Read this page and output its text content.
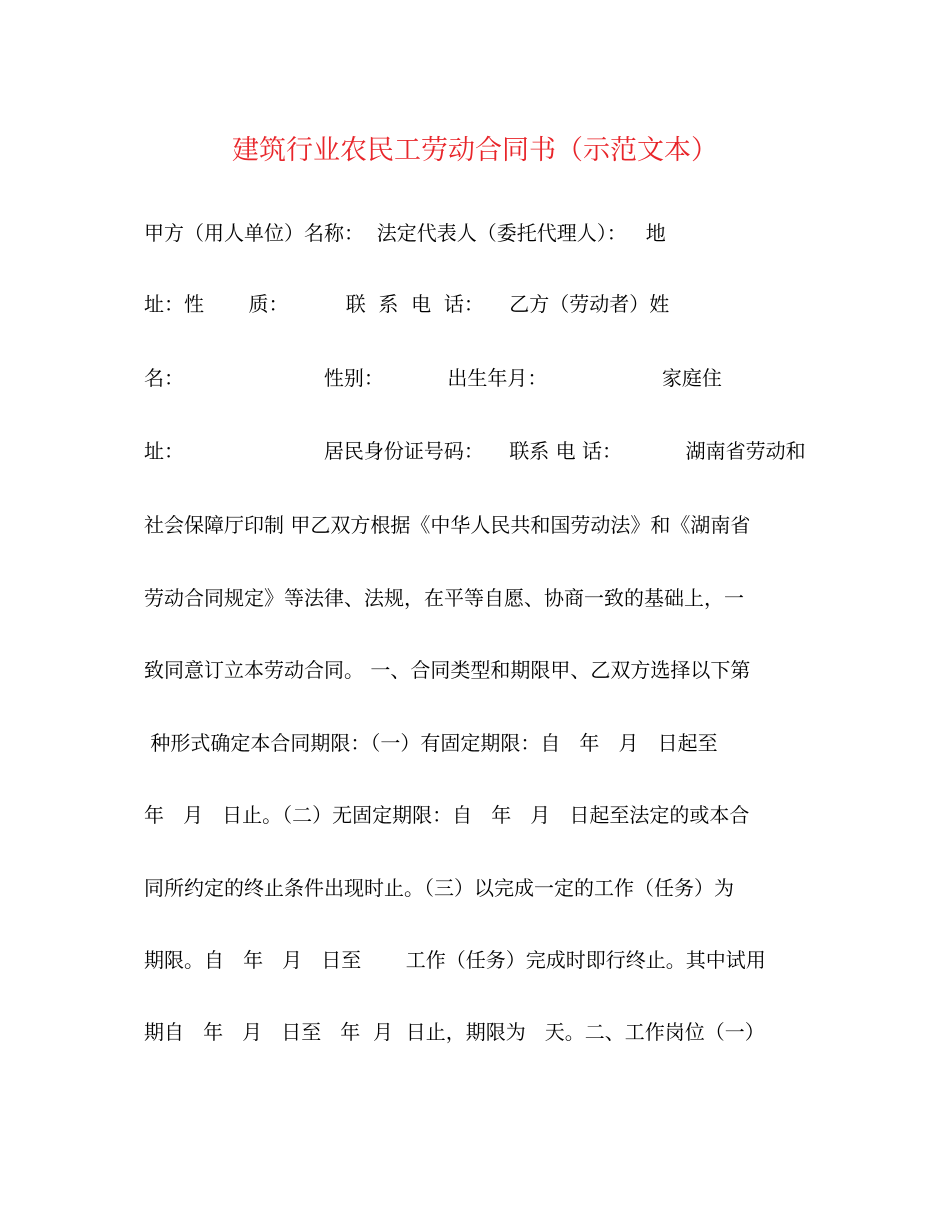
建筑行业农民工劳动合同书（示范文本）
甲方（用人单位）名称：  法定代表人（委托代理人）：   地
址：性       质：         联  系  电  话：    乙方（劳动者）姓
名：                      性别：          出生年月：                  家庭住
址：                      居民身份证号码：    联系 电 话：          湖南省劳动和
社会保障厅印制 甲乙双方根据《中华人民共和国劳动法》和《湖南省
劳动合同规定》等法律、法规，在平等自愿、协商一致的基础上，一
致同意订立本劳动合同。 一、合同类型和期限甲、乙双方选择以下第
种形式确定本合同期限：（一）有固定期限：自   年   月   日起至
年   月   日止。（二）无固定期限：自   年   月   日起至法定的或本合
同所约定的终止条件出现时止。（三）以完成一定的工作（任务）为
期限。自   年   月   日至       工作（任务）完成时即行终止。其中试用
期自   年   月   日至   年  月  日止，期限为   天。二、工作岗位（一）
